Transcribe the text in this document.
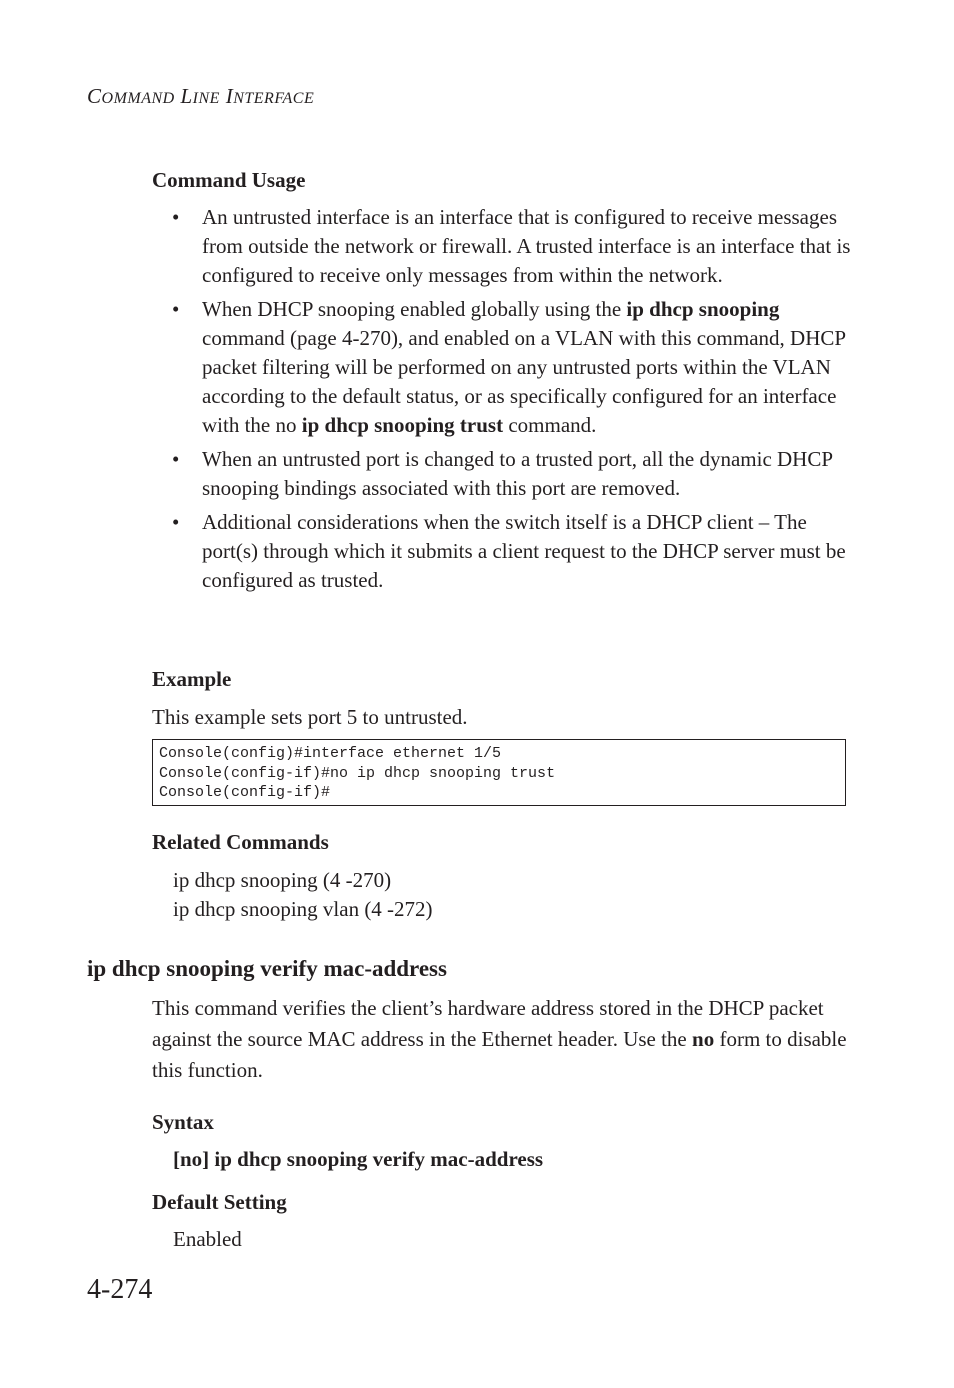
COMMAND LINE INTERFACE
Command Usage
• An untrusted interface is an interface that is configured to receive messages from outside the network or firewall. A trusted interface is an interface that is configured to receive only messages from within the network.
• When DHCP snooping enabled globally using the ip dhcp snooping command (page 4-270), and enabled on a VLAN with this command, DHCP packet filtering will be performed on any untrusted ports within the VLAN according to the default status, or as specifically configured for an interface with the no ip dhcp snooping trust command.
• When an untrusted port is changed to a trusted port, all the dynamic DHCP snooping bindings associated with this port are removed.
• Additional considerations when the switch itself is a DHCP client – The port(s) through which it submits a client request to the DHCP server must be configured as trusted.
Example
This example sets port 5 to untrusted.
Console(config)#interface ethernet 1/5
Console(config-if)#no ip dhcp snooping trust
Console(config-if)#
Related Commands
ip dhcp snooping (4 -270)
ip dhcp snooping vlan (4 -272)
ip dhcp snooping verify mac-address
This command verifies the client’s hardware address stored in the DHCP packet against the source MAC address in the Ethernet header. Use the no form to disable this function.
Syntax
[no] ip dhcp snooping verify mac-address
Default Setting
Enabled
4-274
